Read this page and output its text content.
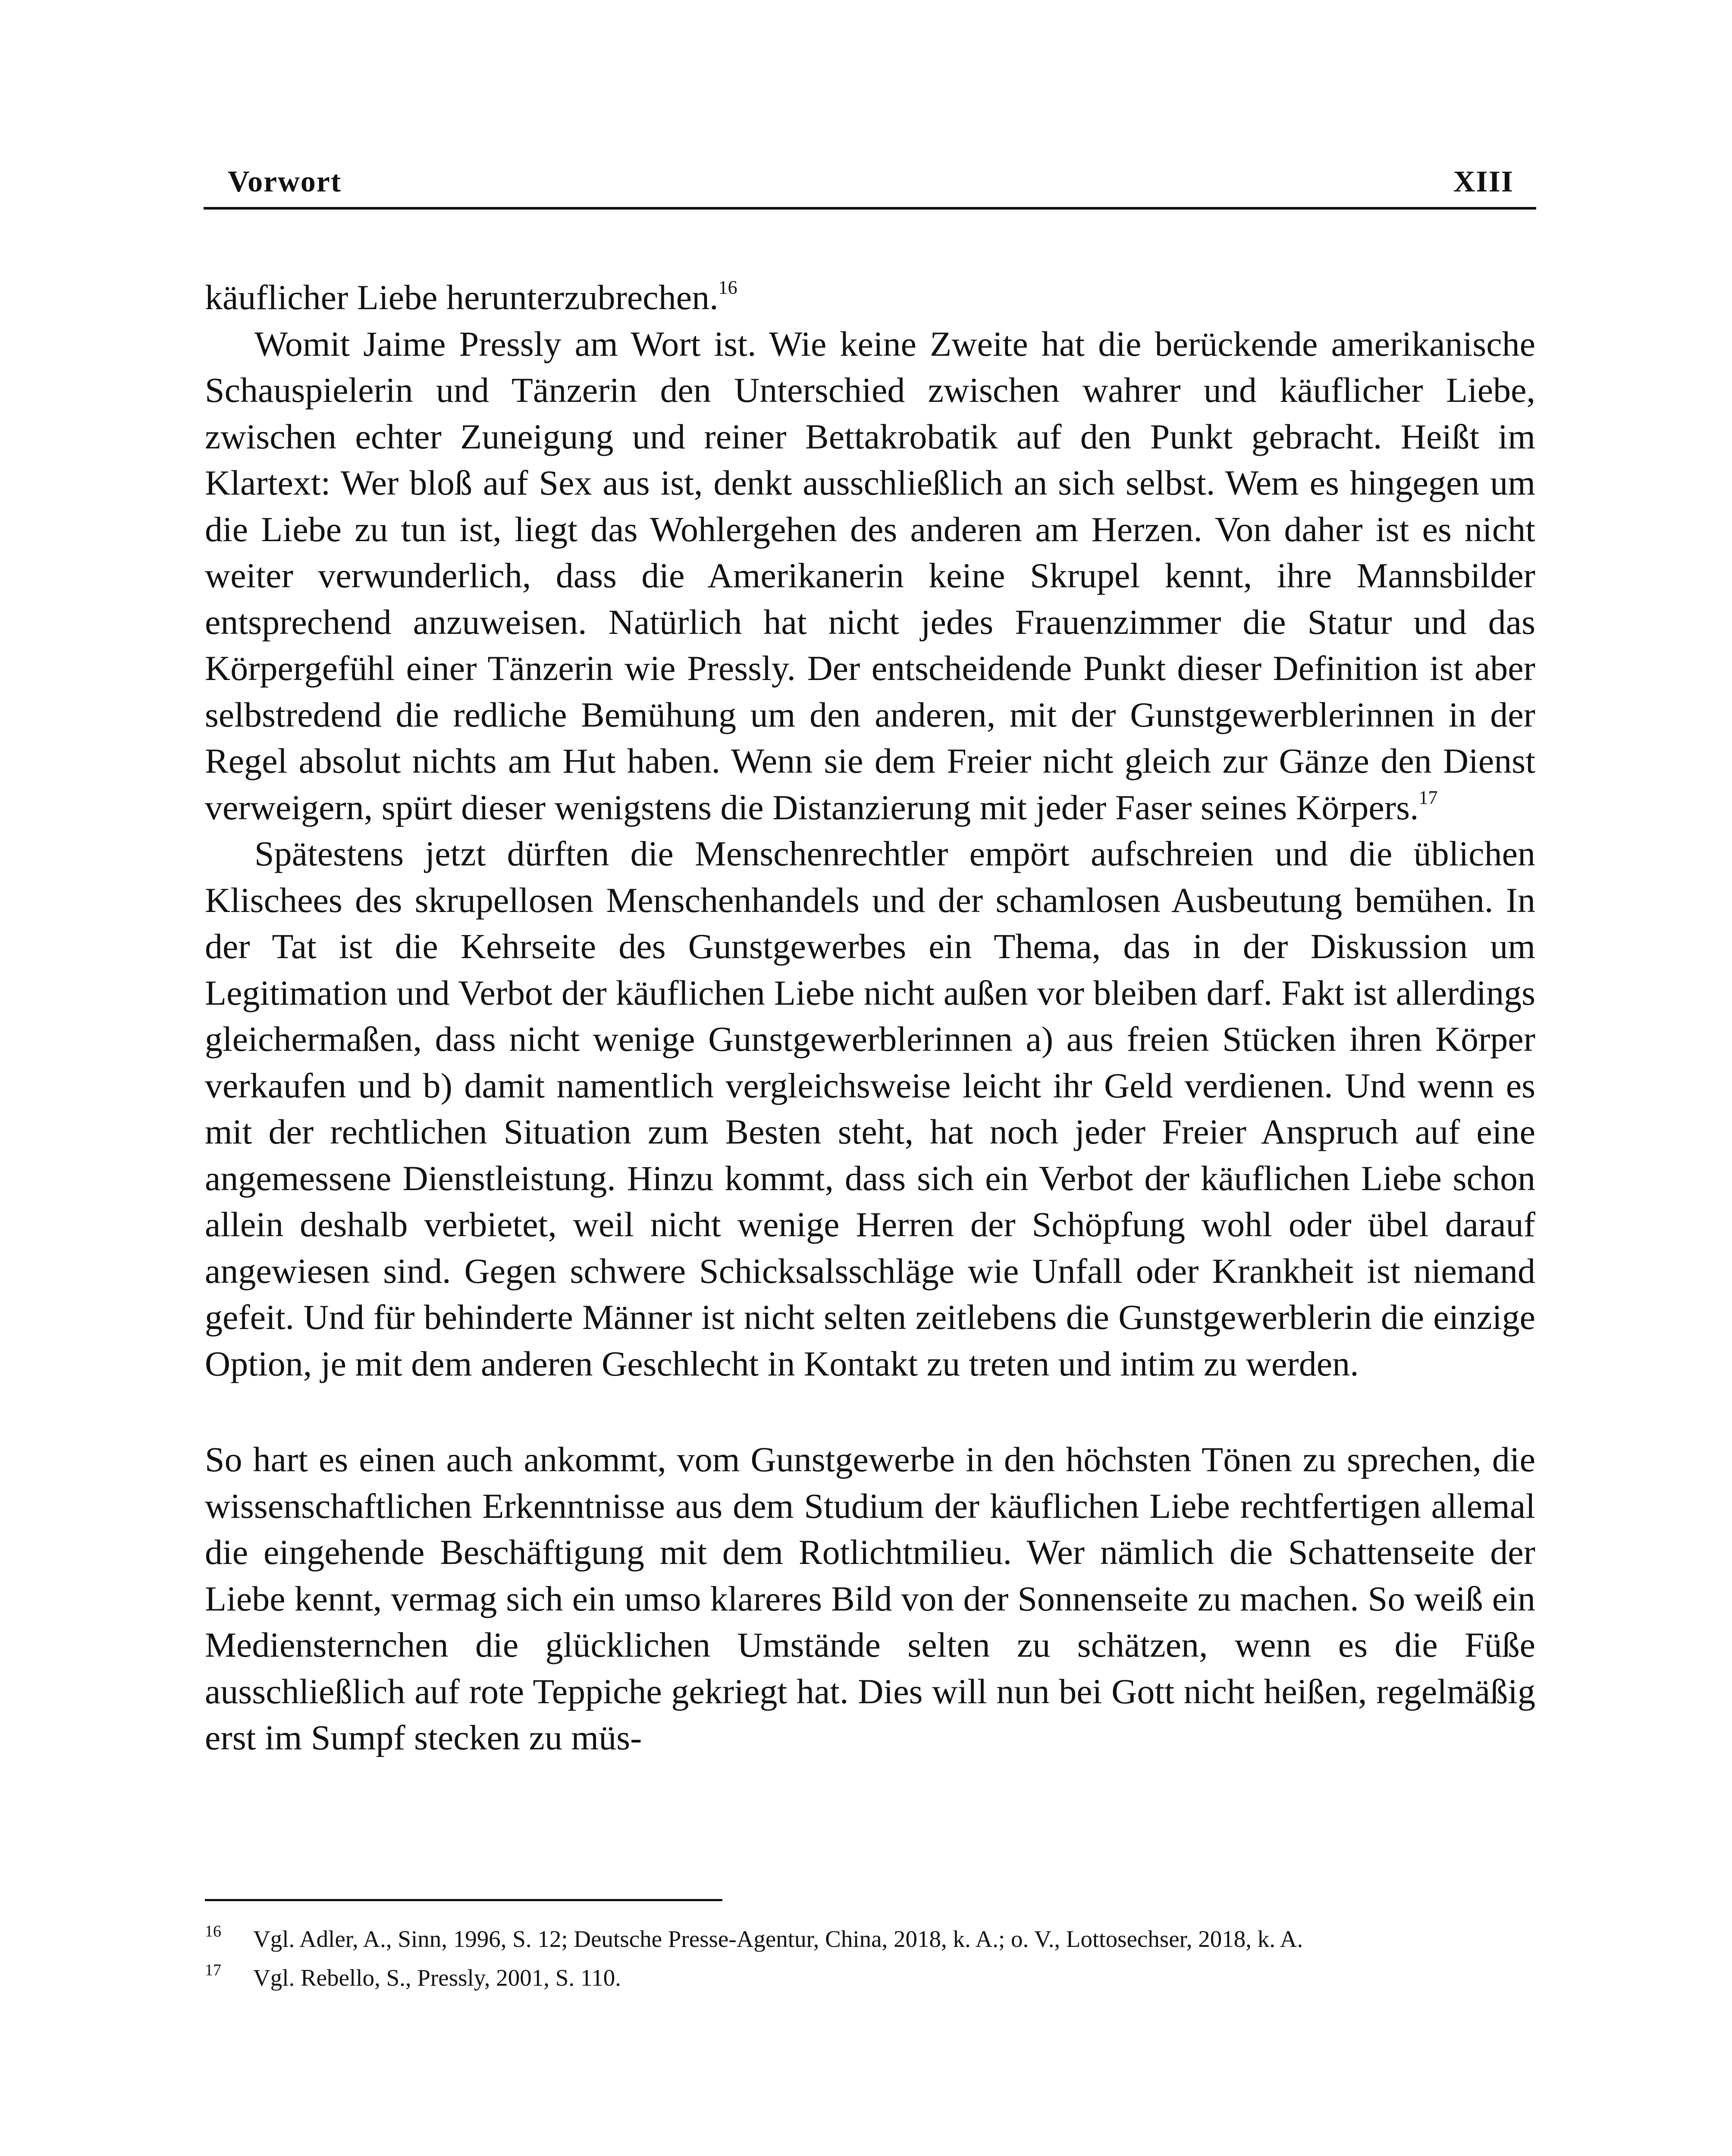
Vorwort	XIII

käuflicher Liebe herunterzubrechen.$^{16}$

Womit Jaime Pressly am Wort ist. Wie keine Zweite hat die berückende amerikanische Schauspielerin und Tänzerin den Unterschied zwischen wahrer und käuflicher Liebe, zwischen echter Zuneigung und reiner Bettakrobatik auf den Punkt gebracht. Heißt im Klartext: Wer bloß auf Sex aus ist, denkt ausschließlich an sich selbst. Wem es hingegen um die Liebe zu tun ist, liegt das Wohlergehen des anderen am Herzen. Von daher ist es nicht weiter verwunderlich, dass die Amerikanerin keine Skrupel kennt, ihre Mannsbilder entsprechend anzuweisen. Natürlich hat nicht jedes Frauenzimmer die Statur und das Körpergefühl einer Tänzerin wie Pressly. Der entscheidende Punkt dieser Definition ist aber selbstredend die redliche Bemühung um den anderen, mit der Gunstgewerblerinnen in der Regel absolut nichts am Hut haben. Wenn sie dem Freier nicht gleich zur Gänze den Dienst verweigern, spürt dieser wenigstens die Distanzierung mit jeder Faser seines Körpers.$^{17}$

Spätestens jetzt dürften die Menschenrechtler empört aufschreien und die üblichen Klischees des skrupellosen Menschenhandels und der schamlosen Ausbeutung bemühen. In der Tat ist die Kehrseite des Gunstgewerbes ein Thema, das in der Diskussion um Legitimation und Verbot der käuflichen Liebe nicht außen vor bleiben darf. Fakt ist allerdings gleichermaßen, dass nicht wenige Gunstgewerblerinnen a) aus freien Stücken ihren Körper verkaufen und b) damit namentlich vergleichsweise leicht ihr Geld verdienen. Und wenn es mit der rechtlichen Situation zum Besten steht, hat noch jeder Freier Anspruch auf eine angemessene Dienstleistung. Hinzu kommt, dass sich ein Verbot der käuflichen Liebe schon allein deshalb verbietet, weil nicht wenige Herren der Schöpfung wohl oder übel darauf angewiesen sind. Gegen schwere Schicksalsschläge wie Unfall oder Krankheit ist niemand gefeit. Und für behinderte Männer ist nicht selten zeitlebens die Gunstgewerblerin die einzige Option, je mit dem anderen Geschlecht in Kontakt zu treten und intim zu werden.

So hart es einen auch ankommt, vom Gunstgewerbe in den höchsten Tönen zu sprechen, die wissenschaftlichen Erkenntnisse aus dem Studium der käuflichen Liebe rechtfertigen allemal die eingehende Beschäftigung mit dem Rotlichtmilieu. Wer nämlich die Schattenseite der Liebe kennt, vermag sich ein umso klareres Bild von der Sonnenseite zu machen. So weiß ein Mediensternchen die glücklichen Umstände selten zu schätzen, wenn es die Füße ausschließlich auf rote Teppiche gekriegt hat. Dies will nun bei Gott nicht heißen, regelmäßig erst im Sumpf stecken zu müs-

16 Vgl. Adler, A., Sinn, 1996, S. 12; Deutsche Presse-Agentur, China, 2018, k. A.; o. V., Lottosechser, 2018, k. A.
17 Vgl. Rebello, S., Pressly, 2001, S. 110.
